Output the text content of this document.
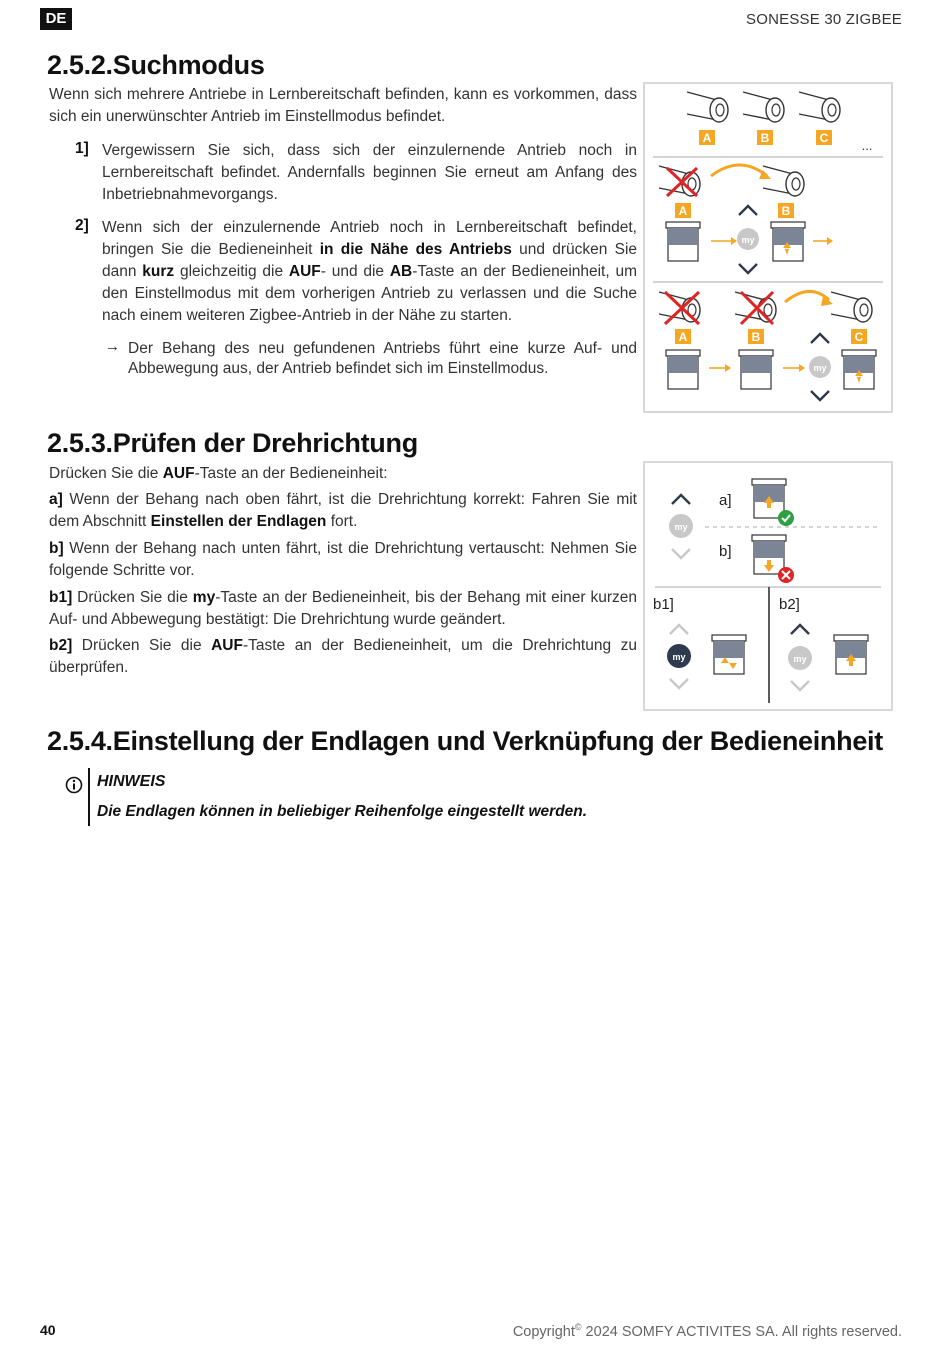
DE	SONESSE 30 ZIGBEE
2.5.2.Suchmodus
Wenn sich mehrere Antriebe in Lernbereitschaft befinden, kann es vorkommen, dass sich ein unerwünschter Antrieb im Einstellmodus befindet.
1] Vergewissern Sie sich, dass sich der einzulernende Antrieb noch in Lernbereitschaft befindet. Andernfalls beginnen Sie erneut am Anfang des Inbetriebnahmevorgangs.
2] Wenn sich der einzulernende Antrieb noch in Lernbereitschaft befindet, bringen Sie die Bedieneinheit in die Nähe des Antriebs und drücken Sie dann kurz gleichzeitig die AUF- und die AB-Taste an der Bedieneinheit, um den Einstellmodus mit dem vorherigen Antrieb zu verlassen und die Suche nach einem weiteren Zigbee-Antrieb in der Nähe zu starten.
→ Der Behang des neu gefundenen Antriebs führt eine kurze Auf- und Abbewegung aus, der Antrieb befindet sich im Einstellmodus.
A	B	C	...
A	B
my
A	B	C
my
2.5.3.Prüfen der Drehrichtung
Drücken Sie die AUF-Taste an der Bedieneinheit:
a] Wenn der Behang nach oben fährt, ist die Drehrichtung korrekt: Fahren Sie mit dem Abschnitt Einstellen der Endlagen fort.
b] Wenn der Behang nach unten fährt, ist die Drehrichtung vertauscht: Nehmen Sie folgende Schritte vor.
b1] Drücken Sie die my-Taste an der Bedieneinheit, bis der Behang mit einer kurzen Auf- und Abbewegung bestätigt: Die Drehrichtung wurde geändert.
b2] Drücken Sie die AUF-Taste an der Bedieneinheit, um die Drehrichtung zu überprüfen.
my
a]
b]
b1]	b2]
my	my
2.5.4.Einstellung der Endlagen und Verknüpfung der Bedieneinheit
HINWEIS
Die Endlagen können in beliebiger Reihenfolge eingestellt werden.
40	Copyright© 2024 SOMFY ACTIVITES SA. All rights reserved.
